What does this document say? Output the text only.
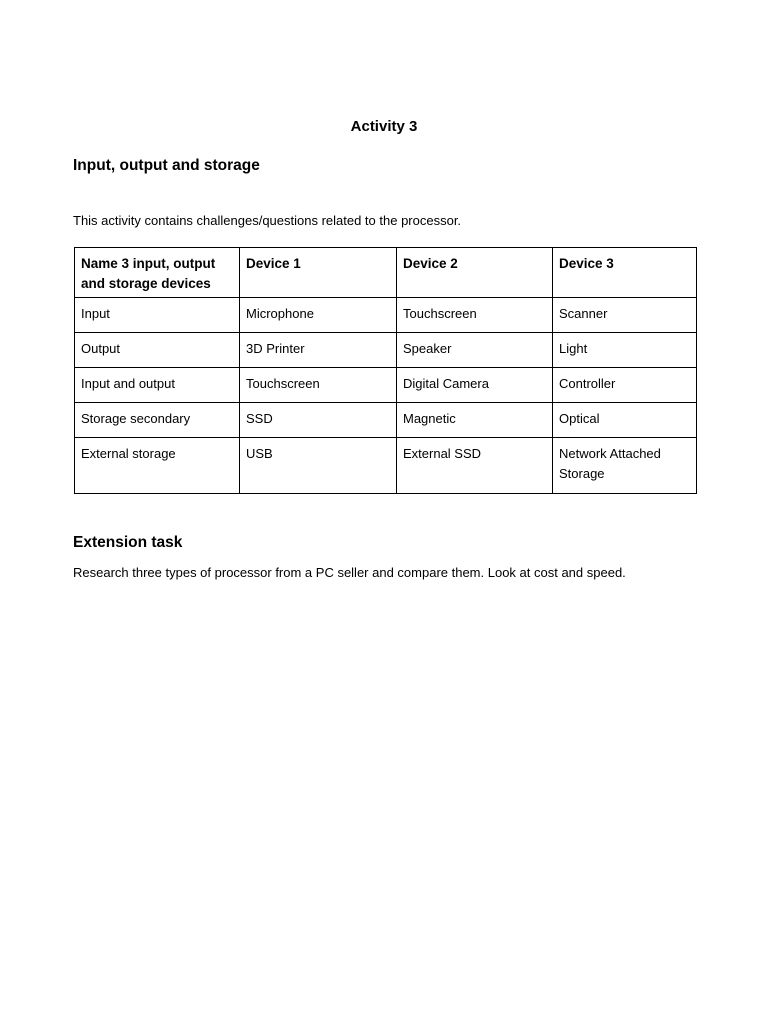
Activity 3
Input, output and storage
This activity contains challenges/questions related to the processor.
Name 3 input, output and storage devices	Device 1	Device 2	Device 3
Input	Microphone	Touchscreen	Scanner
Output	3D Printer	Speaker	Light
Input and output	Touchscreen	Digital Camera	Controller
Storage secondary	SSD	Magnetic	Optical
External storage	USB	External SSD	Network Attached Storage
Extension task
Research three types of processor from a PC seller and compare them. Look at cost and speed.
